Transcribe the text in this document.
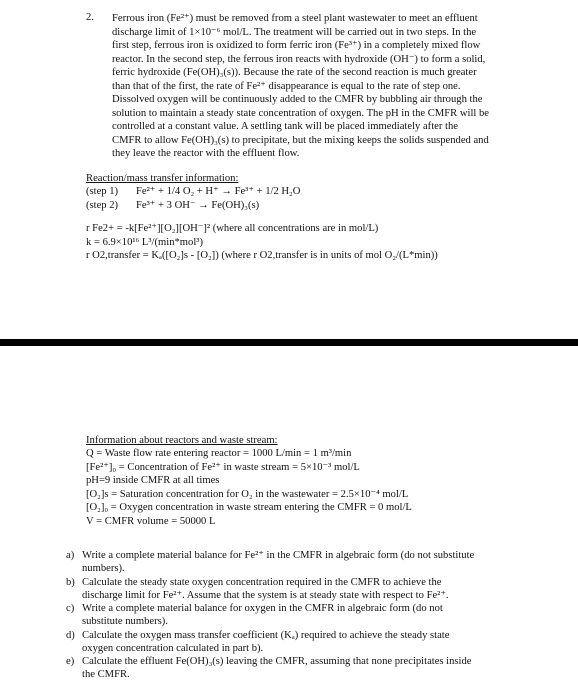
2. Ferrous iron (Fe²⁺) must be removed from a steel plant wastewater to meet an effluent
discharge limit of 1×10⁻⁶ mol/L. The treatment will be carried out in two steps. In the
first step, ferrous iron is oxidized to form ferric iron (Fe³⁺) in a completely mixed flow
reactor. In the second step, the ferrous iron reacts with hydroxide (OH⁻) to form a solid,
ferric hydroxide (Fe(OH)₃(s)). Because the rate of the second reaction is much greater
than that of the first, the rate of Fe²⁺ disappearance is equal to the rate of step one.
Dissolved oxygen will be continuously added to the CMFR by bubbling air through the
solution to maintain a steady state concentration of oxygen. The pH in the CMFR will be
controlled at a constant value. A settling tank will be placed immediately after the
CMFR to allow Fe(OH)₃(s) to precipitate, but the mixing keeps the solids suspended and
they leave the reactor with the effluent flow.
Reaction/mass transfer information:
(step 1) Fe²⁺ + 1/4 O₂ + H⁺ → Fe³⁺ + 1/2 H₂O
(step 2) Fe³⁺ + 3 OH⁻ → Fe(OH)₃(s)
r Fe2+ = -k[Fe²⁺][O₂][OH⁻]² (where all concentrations are in mol/L)
k = 6.9×10¹⁶ L³/(min*mol³)
r O2,transfer = Kₐ([O₂]s - [O₂]) (where r O2,transfer is in units of mol O₂/(L*min))
Information about reactors and waste stream:
Q = Waste flow rate entering reactor = 1000 L/min = 1 m³/min
[Fe²⁺]₀ = Concentration of Fe²⁺ in waste stream = 5×10⁻³ mol/L
pH=9 inside CMFR at all times
[O₂]s = Saturation concentration for O₂ in the wastewater = 2.5×10⁻⁴ mol/L
[O₂]₀ = Oxygen concentration in waste stream entering the CMFR = 0 mol/L
V = CMFR volume = 50000 L
a) Write a complete material balance for Fe²⁺ in the CMFR in algebraic form (do not substitute
numbers).
b) Calculate the steady state oxygen concentration required in the CMFR to achieve the
discharge limit for Fe²⁺. Assume that the system is at steady state with respect to Fe²⁺.
c) Write a complete material balance for oxygen in the CMFR in algebraic form (do not
substitute numbers).
d) Calculate the oxygen mass transfer coefficient (Kₐ) required to achieve the steady state
oxygen concentration calculated in part b).
e) Calculate the effluent Fe(OH)₃(s) leaving the CMFR, assuming that none precipitates inside
the CMFR.
